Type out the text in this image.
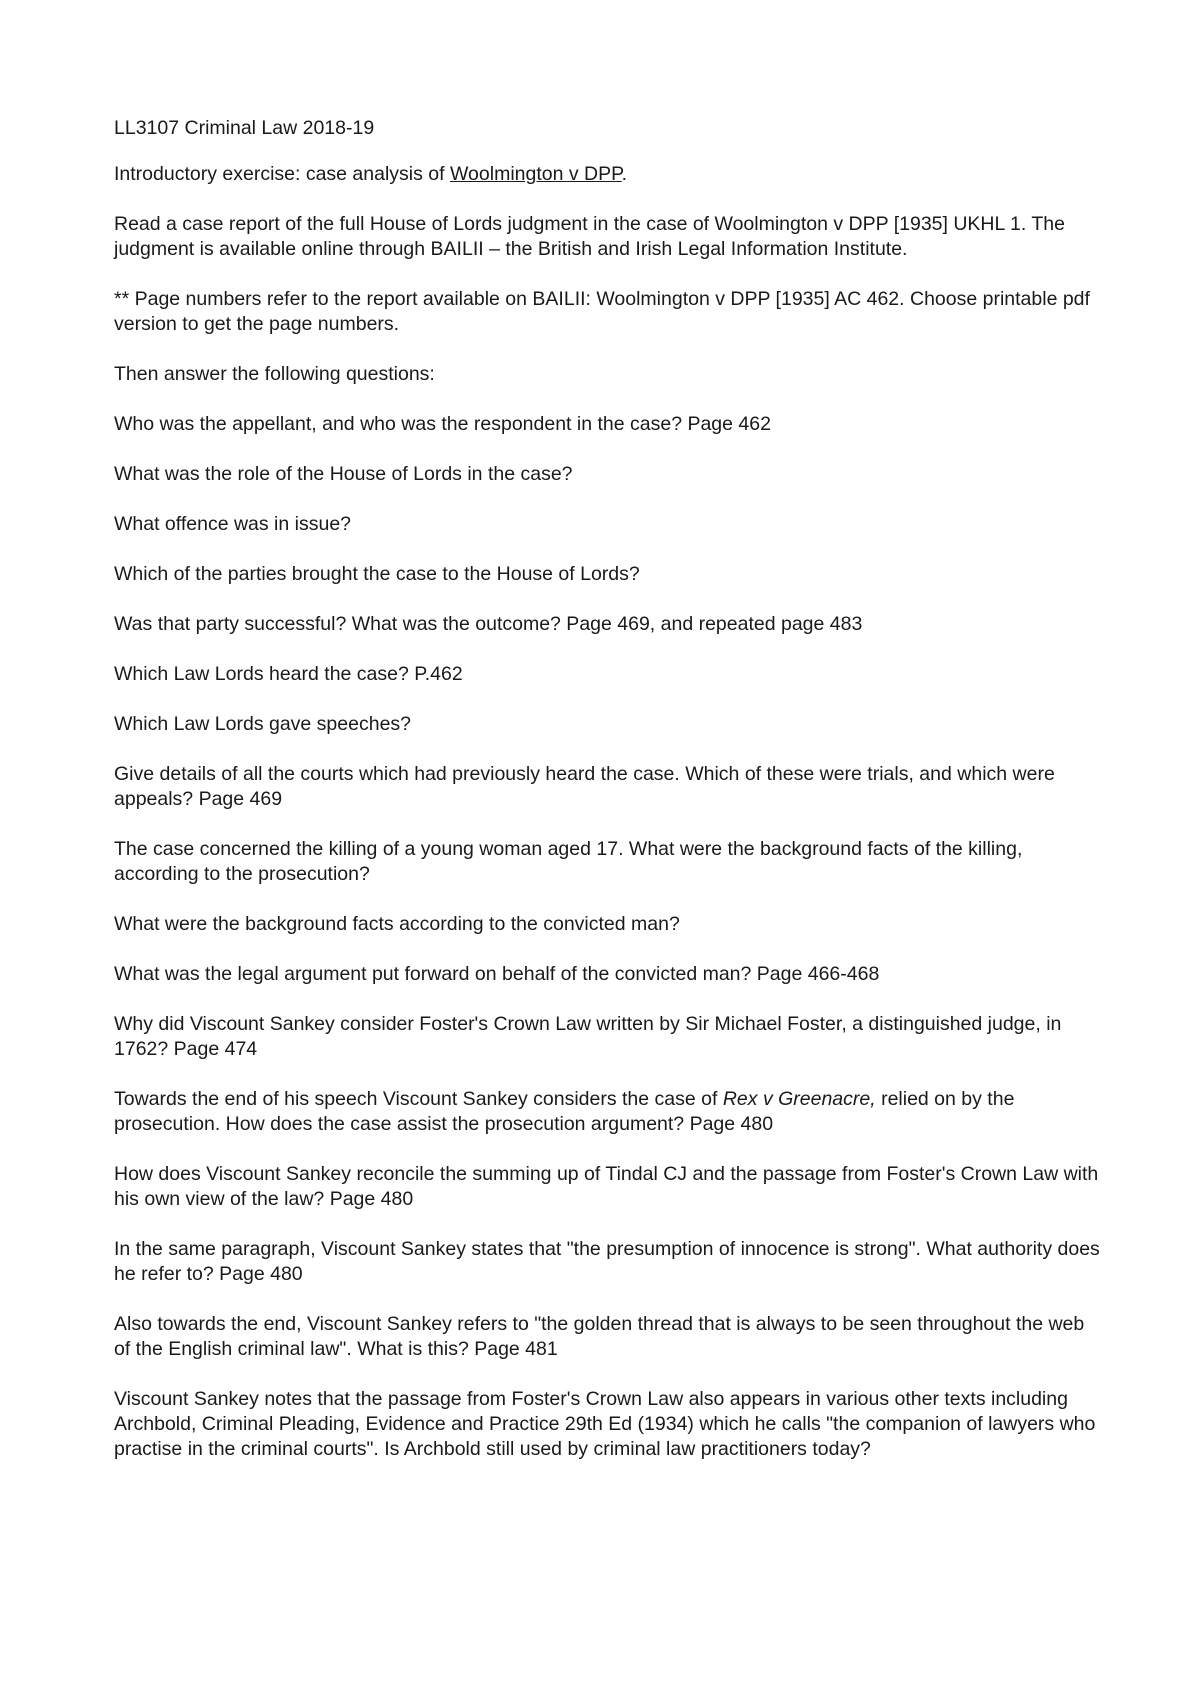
LL3107 Criminal Law 2018-19

Introductory exercise: case analysis of Woolmington v DPP.

Read a case report of the full House of Lords judgment in the case of Woolmington v DPP [1935] UKHL 1. The judgment is available online through BAILII – the British and Irish Legal Information Institute.

** Page numbers refer to the report available on BAILII: Woolmington v DPP [1935] AC 462. Choose printable pdf version to get the page numbers.

Then answer the following questions:

Who was the appellant, and who was the respondent in the case? Page 462

What was the role of the House of Lords in the case?

What offence was in issue?

Which of the parties brought the case to the House of Lords?

Was that party successful? What was the outcome? Page 469, and repeated page 483

Which Law Lords heard the case? P.462

Which Law Lords gave speeches?

Give details of all the courts which had previously heard the case. Which of these were trials, and which were appeals? Page 469

The case concerned the killing of a young woman aged 17. What were the background facts of the killing, according to the prosecution?

What were the background facts according to the convicted man?

What was the legal argument put forward on behalf of the convicted man? Page 466-468

Why did Viscount Sankey consider Foster's Crown Law written by Sir Michael Foster, a distinguished judge, in 1762? Page 474

Towards the end of his speech Viscount Sankey considers the case of Rex v Greenacre, relied on by the prosecution. How does the case assist the prosecution argument? Page 480

How does Viscount Sankey reconcile the summing up of Tindal CJ and the passage from Foster's Crown Law with his own view of the law? Page 480

In the same paragraph, Viscount Sankey states that "the presumption of innocence is strong". What authority does he refer to? Page 480

Also towards the end, Viscount Sankey refers to "the golden thread that is always to be seen throughout the web of the English criminal law". What is this? Page 481

Viscount Sankey notes that the passage from Foster's Crown Law also appears in various other texts including Archbold, Criminal Pleading, Evidence and Practice 29th Ed (1934) which he calls "the companion of lawyers who practise in the criminal courts". Is Archbold still used by criminal law practitioners today?
